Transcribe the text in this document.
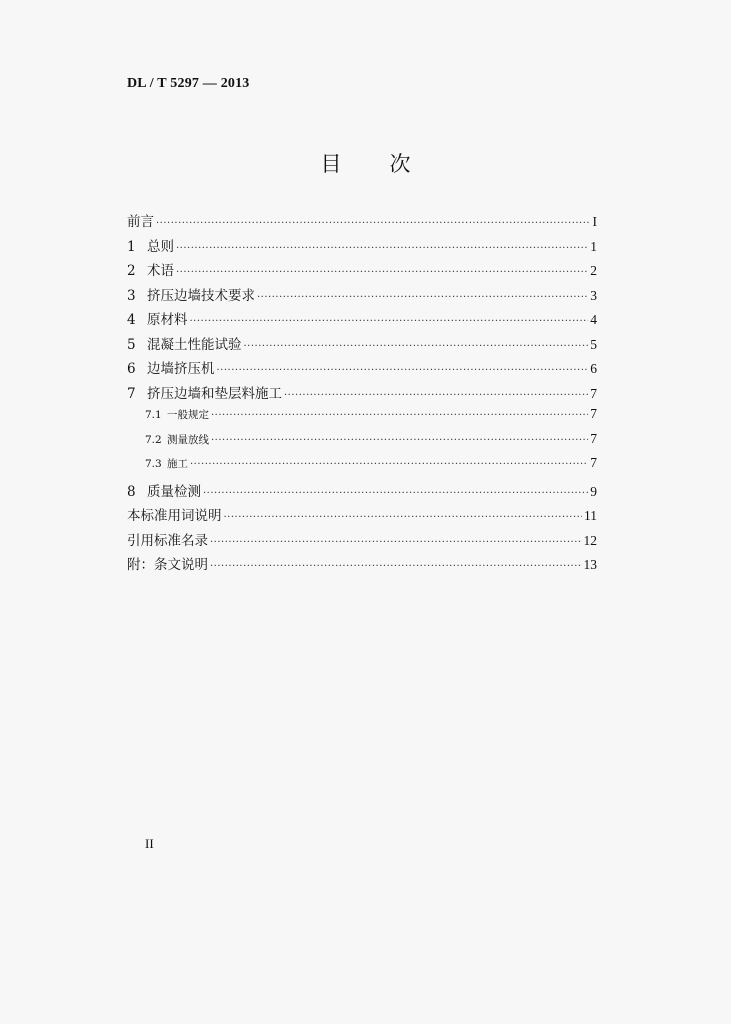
DL / T 5297 — 2013
目 次
前言 ·····	I
1 总则 ·····	1
2 术语 ·····	2
3 挤压边墙技术要求 ·····	3
4 原材料 ·····	4
5 混凝土性能试验 ·····	5
6 边墙挤压机 ·····	6
7 挤压边墙和垫层料施工 ·····	7
7.1 一般规定 ·····	7
7.2 测量放线 ·····	7
7.3 施工 ·····	7
8 质量检测 ·····	9
本标准用词说明 ·····	11
引用标准名录 ·····	12
附：条文说明 ·····	13
II
